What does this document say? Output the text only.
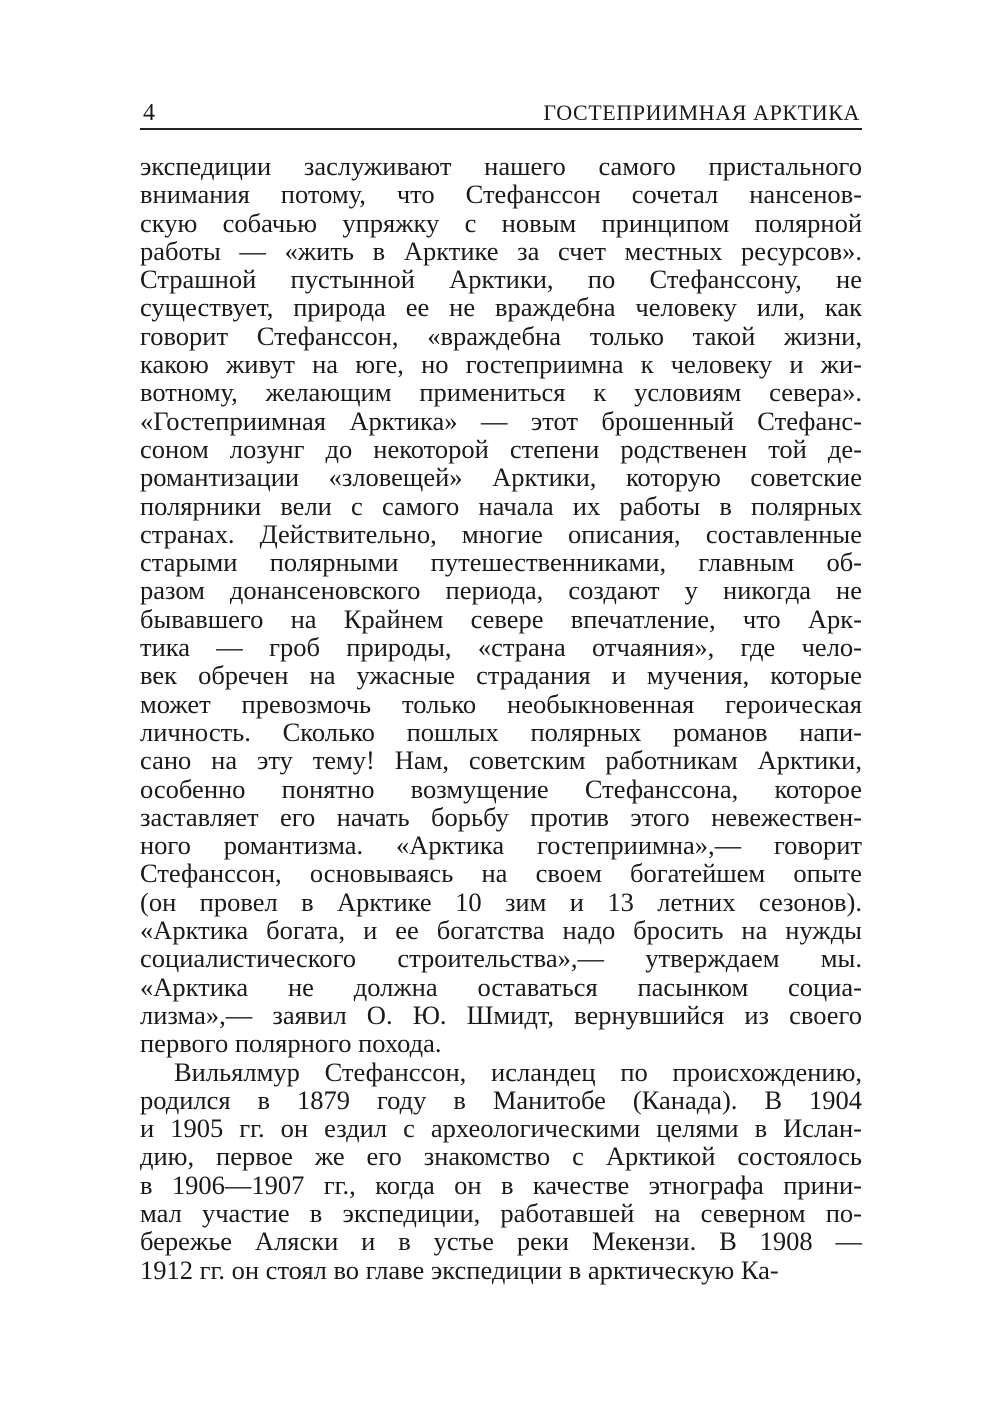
4	ГОСТЕПРИИМНАЯ АРКТИКА
экспедиции заслуживают нашего самого пристального
внимания потому, что Стефанссон сочетал нансенов-
скую собачью упряжку с новым принципом полярной
работы — «жить в Арктике за счет местных ресурсов».
Страшной пустынной Арктики, по Стефанссону, не
существует, природа ее не враждебна человеку или, как
говорит Стефанссон, «враждебна только такой жизни,
какою живут на юге, но гостеприимна к человеку и жи-
вотному, желающим примениться к условиям севера».
«Гостеприимная Арктика» — этот брошенный Стефанс-
соном лозунг до некоторой степени родственен той де-
романтизации «зловещей» Арктики, которую советские
полярники вели с самого начала их работы в полярных
странах. Действительно, многие описания, составленные
старыми полярными путешественниками, главным об-
разом донансеновского периода, создают у никогда не
бывавшего на Крайнем севере впечатление, что Арк-
тика — гроб природы, «страна отчаяния», где чело-
век обречен на ужасные страдания и мучения, которые
может превозмочь только необыкновенная героическая
личность. Сколько пошлых полярных романов напи-
сано на эту тему! Нам, советским работникам Арктики,
особенно понятно возмущение Стефанссона, которое
заставляет его начать борьбу против этого невежествен-
ного романтизма. «Арктика гостеприимна»,— говорит
Стефанссон, основываясь на своем богатейшем опыте
(он провел в Арктике 10 зим и 13 летних сезонов).
«Арктика богата, и ее богатства надо бросить на нужды
социалистического строительства»,— утверждаем мы.
«Арктика не должна оставаться пасынком социа-
лизма»,— заявил О. Ю. Шмидт, вернувшийся из своего
первого полярного похода.
Вильялмур Стефанссон, исландец по происхождению,
родился в 1879 году в Манитобе (Канада). В 1904
и 1905 гг. он ездил с археологическими целями в Ислан-
дию, первое же его знакомство с Арктикой состоялось
в 1906—1907 гг., когда он в качестве этнографа прини-
мал участие в экспедиции, работавшей на северном по-
бережье Аляски и в устье реки Мекензи. В 1908 —
1912 гг. он стоял во главе экспедиции в арктическую Ка-
